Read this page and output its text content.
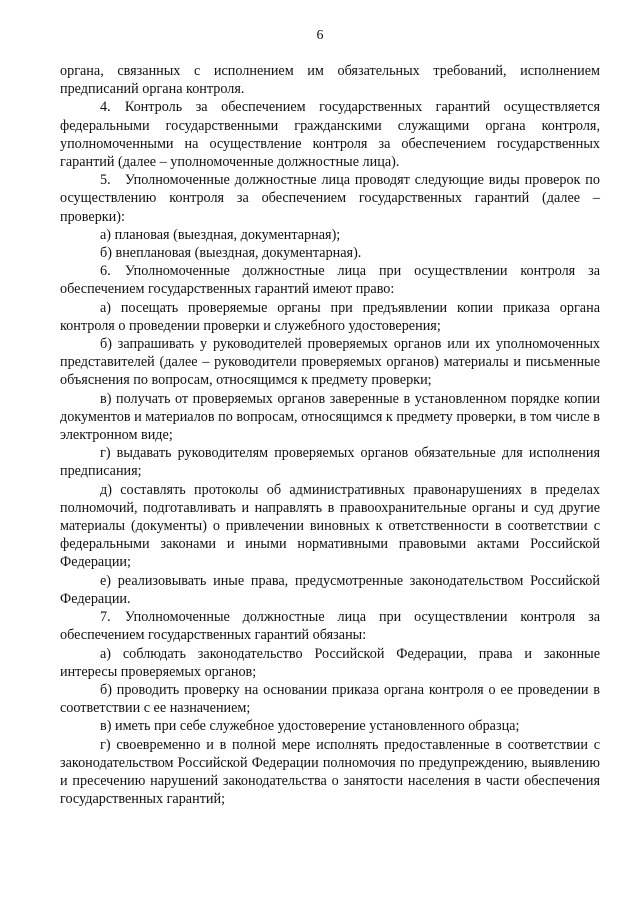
6

органа, связанных с исполнением им обязательных требований, исполнением предписаний органа контроля.

4. Контроль за обеспечением государственных гарантий осуществляется федеральными государственными гражданскими служащими органа контроля, уполномоченными на осуществление контроля за обеспечением государственных гарантий (далее – уполномоченные должностные лица).

5. Уполномоченные должностные лица проводят следующие виды проверок по осуществлению контроля за обеспечением государственных гарантий (далее – проверки):

а) плановая (выездная, документарная);

б) внеплановая (выездная, документарная).

6. Уполномоченные должностные лица при осуществлении контроля за обеспечением государственных гарантий имеют право:

а) посещать проверяемые органы при предъявлении копии приказа органа контроля о проведении проверки и служебного удостоверения;

б) запрашивать у руководителей проверяемых органов или их уполномоченных представителей (далее – руководители проверяемых органов) материалы и письменные объяснения по вопросам, относящимся к предмету проверки;

в) получать от проверяемых органов заверенные в установленном порядке копии документов и материалов по вопросам, относящимся к предмету проверки, в том числе в электронном виде;

г) выдавать руководителям проверяемых органов обязательные для исполнения предписания;

д) составлять протоколы об административных правонарушениях в пределах полномочий, подготавливать и направлять в правоохранительные органы и суд другие материалы (документы) о привлечении виновных к ответственности в соответствии с федеральными законами и иными нормативными правовыми актами Российской Федерации;

е) реализовывать иные права, предусмотренные законодательством Российской Федерации.

7. Уполномоченные должностные лица при осуществлении контроля за обеспечением государственных гарантий обязаны:

а) соблюдать законодательство Российской Федерации, права и законные интересы проверяемых органов;

б) проводить проверку на основании приказа органа контроля о ее проведении в соответствии с ее назначением;

в) иметь при себе служебное удостоверение установленного образца;

г) своевременно и в полной мере исполнять предоставленные в соответствии с законодательством Российской Федерации полномочия по предупреждению, выявлению и пресечению нарушений законодательства о занятости населения в части обеспечения государственных гарантий;
